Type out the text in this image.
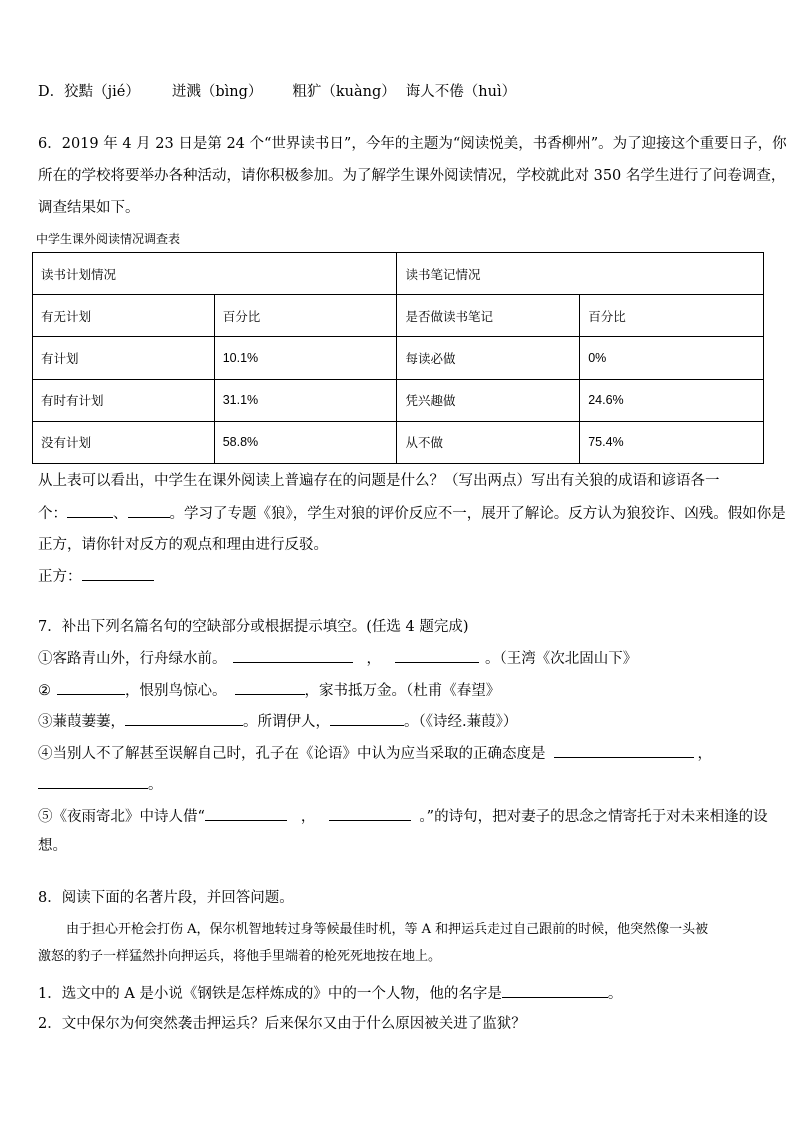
D．狡黠（jié） 迸溅（bìng） 粗犷（kuàng） 诲人不倦（huì）
6．2019 年 4 月 23 日是第 24 个“世界读书日”，今年的主题为“阅读悦美，书香柳州”。为了迎接这个重要日子，你
所在的学校将要举办各种活动，请你积极参加。为了解学生课外阅读情况，学校就此对 350 名学生进行了问卷调查，
调查结果如下。
中学生课外阅读情况调查表
读书计划情况		读书笔记情况	
有无计划	百分比	是否做读书笔记	百分比
有计划	10.1%	每读必做	0%
有时有计划	31.1%	凭兴趣做	24.6%
没有计划	58.8%	从不做	75.4%
从上表可以看出，中学生在课外阅读上普遍存在的问题是什么？（写出两点）写出有关狼的成语和谚语各一
个：	、	。学习了专题《狼》，学生对狼的评价反应不一，展开了解论。反方认为狼狡诈、凶残。假如你是
正方，请你针对反方的观点和理由进行反驳。
正方：
7．补出下列名篇名句的空缺部分或根据提示填空。(任选 4 题完成)
①客路青山外，行舟绿水前。	，	。（王湾《次北固山下》
②	，恨别鸟惊心。	，家书抵万金。（杜甫《春望》
③蒹葭萋萋，	。所谓伊人，	。（《诗经.蒹葭》）
④当别人不了解甚至误解自己时，孔子在《论语》中认为应当采取的正确态度是	，
。
⑤《夜雨寄北》中诗人借“	，	。”的诗句，把对妻子的思念之情寄托于对未来相逢的设
想。
8．阅读下面的名著片段，并回答问题。
由于担心开枪会打伤 A，保尔机智地转过身等候最佳时机，等 A 和押运兵走过自己跟前的时候，他突然像一头被
激怒的豹子一样猛然扑向押运兵，将他手里端着的枪死死地按在地上。
1．选文中的 A 是小说《钢铁是怎样炼成的》中的一个人物，他的名字是	。
2．文中保尔为何突然袭击押运兵？后来保尔又由于什么原因被关进了监狱？
